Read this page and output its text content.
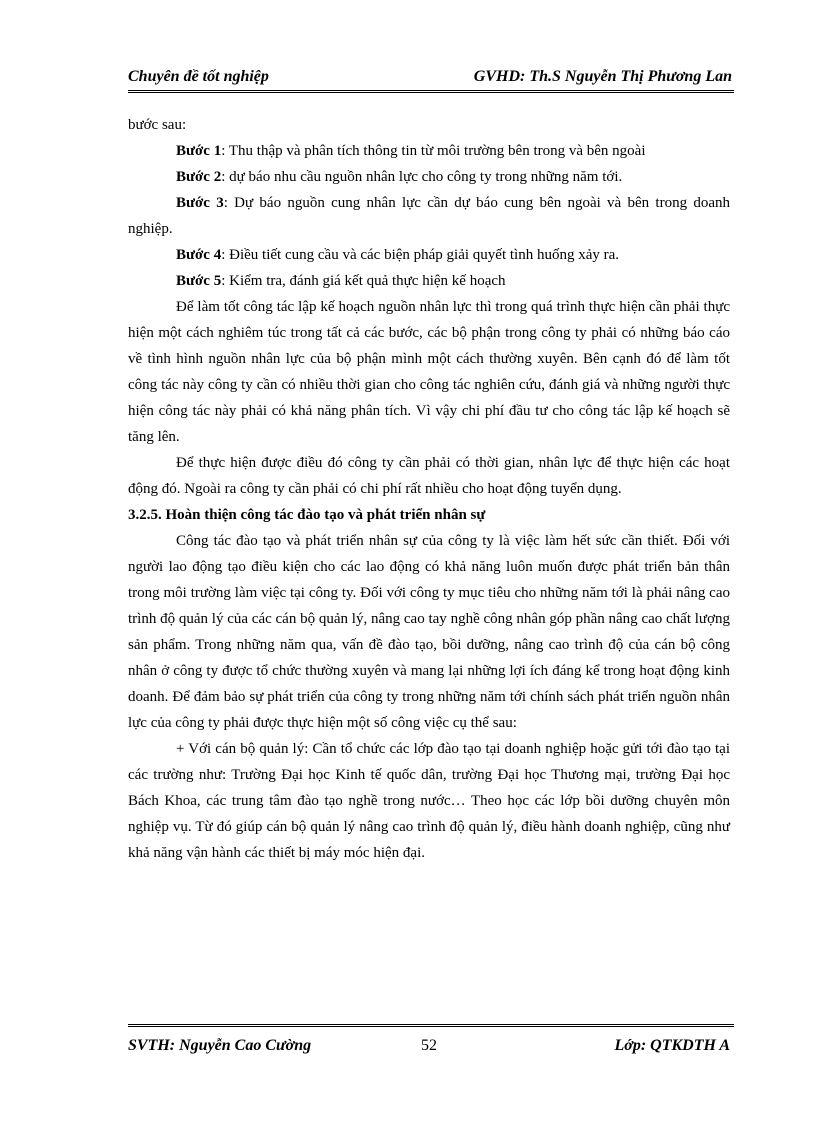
Chuyên đề tốt nghiệp	GVHD: Th.S Nguyễn Thị Phương Lan

bước sau:

Bước 1: Thu thập và phân tích thông tin từ môi trường bên trong và bên ngoài

Bước 2: dự báo nhu cầu nguồn nhân lực cho công ty trong những năm tới.

Bước 3: Dự báo nguồn cung nhân lực cần dự báo cung bên ngoài và bên trong doanh nghiệp.

Bước 4: Điều tiết cung cầu và các biện pháp giải quyết tình huống xảy ra.

Bước 5: Kiểm tra, đánh giá kết quả thực hiện kế hoạch

Để làm tốt công tác lập kế hoạch nguồn nhân lực thì trong quá trình thực hiện cần phải thực hiện một cách nghiêm túc trong tất cả các bước, các bộ phận trong công ty phải có những báo cáo về tình hình nguồn nhân lực của bộ phận mình một cách thường xuyên. Bên cạnh đó để làm tốt công tác này công ty cần có nhiều thời gian cho công tác nghiên cứu, đánh giá và những người thực hiện công tác này phải có khả năng phân tích. Vì vậy chi phí đầu tư cho công tác lập kế hoạch sẽ tăng lên.

Để thực hiện được điều đó công ty cần phải có thời gian, nhân lực để thực hiện các hoạt động đó. Ngoài ra công ty cần phải có chi phí rất nhiều cho hoạt động tuyển dụng.

3.2.5. Hoàn thiện công tác đào tạo và phát triển nhân sự

Công tác đào tạo và phát triển nhân sự của công ty là việc làm hết sức cần thiết. Đối với người lao động tạo điều kiện cho các lao động có khả năng luôn muốn được phát triển bản thân trong môi trường làm việc tại công ty. Đối với công ty mục tiêu cho những năm tới là phải nâng cao trình độ quản lý của các cán bộ quản lý, nâng cao tay nghề công nhân góp phần nâng cao chất lượng sản phẩm. Trong những năm qua, vấn đề đào tạo, bồi dưỡng, nâng cao trình độ của cán bộ công nhân ở công ty được tổ chức thường xuyên và mang lại những lợi ích đáng kể trong hoạt động kinh doanh. Để đảm bảo sự phát triển của công ty trong những năm tới chính sách phát triển nguồn nhân lực của công ty phải được thực hiện một số công việc cụ thể sau:

+ Với cán bộ quản lý: Cần tổ chức các lớp đào tạo tại doanh nghiệp hoặc gửi tới đào tạo tại các trường như: Trường Đại học Kinh tế quốc dân, trường Đại học Thương mại, trường Đại học Bách Khoa, các trung tâm đào tạo nghề trong nước… Theo học các lớp bồi dưỡng chuyên môn nghiệp vụ. Từ đó giúp cán bộ quản lý nâng cao trình độ quản lý, điều hành doanh nghiệp, cũng như khả năng vận hành các thiết bị máy móc hiện đại.

SVTH: Nguyễn Cao Cường	52	Lớp: QTKDTH A
